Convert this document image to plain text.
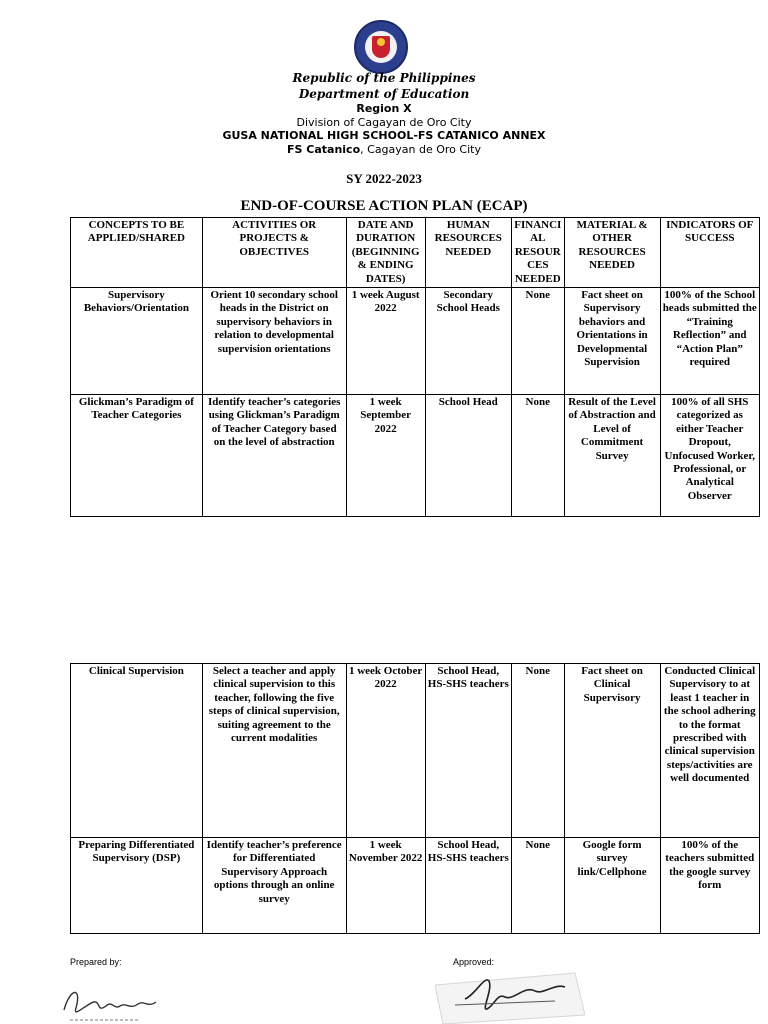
Republic of the Philippines
Department of Education
Region X
Division of Cagayan de Oro City
GUSA NATIONAL HIGH SCHOOL-FS CATANICO ANNEX
FS Catanico, Cagayan de Oro City
SY 2022-2023
END-OF-COURSE ACTION PLAN (ECAP)
CONCEPTS TO BE APPLIED/SHARED	ACTIVITIES OR PROJECTS & OBJECTIVES	DATE AND DURATION (BEGINNING & ENDING DATES)	HUMAN RESOURCES NEEDED	FINANCIAL RESOURCES NEEDED	MATERIAL & OTHER RESOURCES NEEDED	INDICATORS OF SUCCESS
Supervisory Behaviors/Orientation	Orient 10 secondary school heads in the District on supervisory behaviors in relation to developmental supervision orientations	1 week August 2022	Secondary School Heads	None	Fact sheet on Supervisory behaviors and Orientations in Developmental Supervision	100% of the School heads submitted the “Training Reflection” and “Action Plan” required
Glickman’s Paradigm of Teacher Categories	Identify teacher’s categories using Glickman’s Paradigm of Teacher Category based on the level of abstraction	1 week September 2022	School Head	None	Result of the Level of Abstraction and Level of Commitment Survey	100% of all SHS categorized as either Teacher Dropout, Unfocused Worker, Professional, or Analytical Observer
Clinical Supervision	Select a teacher and apply clinical supervision to this teacher, following the five steps of clinical supervision, suiting agreement to the current modalities	1 week October 2022	School Head, HS-SHS teachers	None	Fact sheet on Clinical Supervisory	Conducted Clinical Supervisory to at least 1 teacher in the school adhering to the format prescribed with clinical supervision steps/activities are well documented
Preparing Differentiated Supervisory (DSP)	Identify teacher’s preference for Differentiated Supervisory Approach options through an online survey	1 week November 2022	School Head, HS-SHS teachers	None	Google form survey link/Cellphone	100% of the teachers submitted the google survey form
Prepared by:	Approved:
